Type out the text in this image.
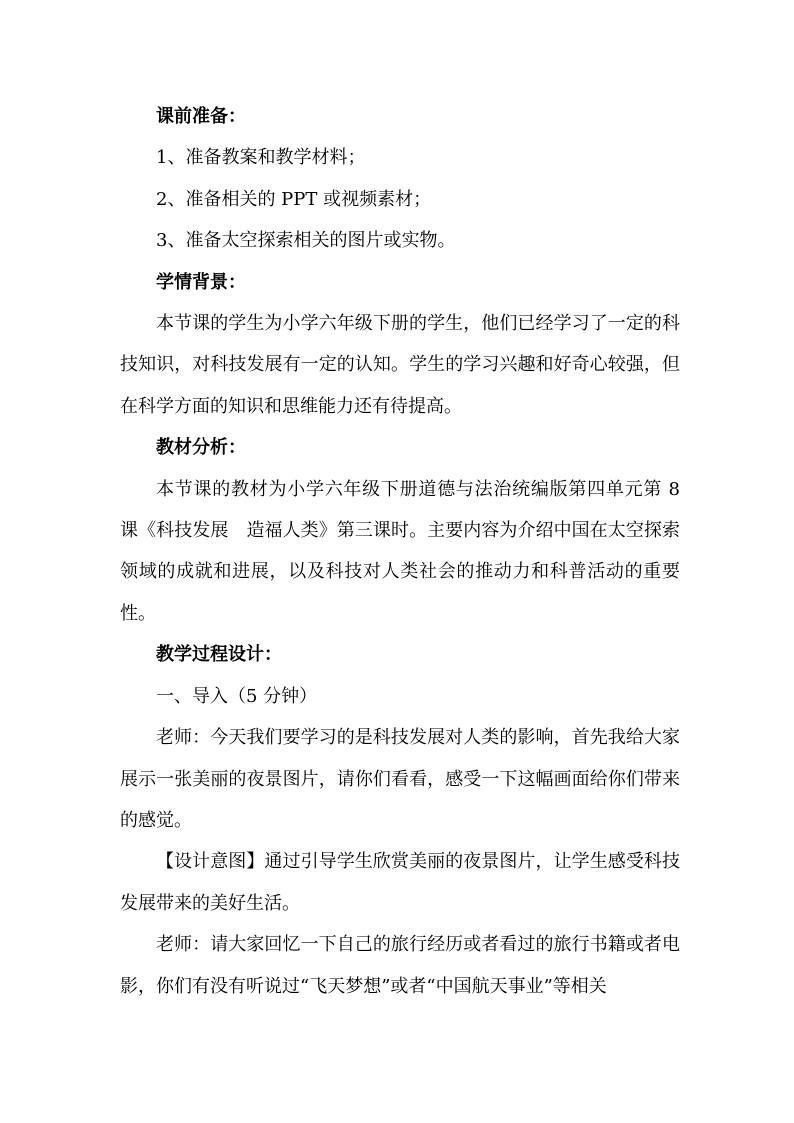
课前准备：

1、准备教案和教学材料；

2、准备相关的 PPT 或视频素材；

3、准备太空探索相关的图片或实物。

学情背景：

本节课的学生为小学六年级下册的学生，他们已经学习了一定的科技知识，对科技发展有一定的认知。学生的学习兴趣和好奇心较强，但在科学方面的知识和思维能力还有待提高。

教材分析：

本节课的教材为小学六年级下册道德与法治统编版第四单元第 8 课《科技发展　造福人类》第三课时。主要内容为介绍中国在太空探索领域的成就和进展，以及科技对人类社会的推动力和科普活动的重要性。

教学过程设计：

一、导入（5 分钟）

老师：今天我们要学习的是科技发展对人类的影响，首先我给大家展示一张美丽的夜景图片，请你们看看，感受一下这幅画面给你们带来的感觉。

【设计意图】通过引导学生欣赏美丽的夜景图片，让学生感受科技发展带来的美好生活。

老师：请大家回忆一下自己的旅行经历或者看过的旅行书籍或者电影，你们有没有听说过“飞天梦想”或者“中国航天事业”等相关
